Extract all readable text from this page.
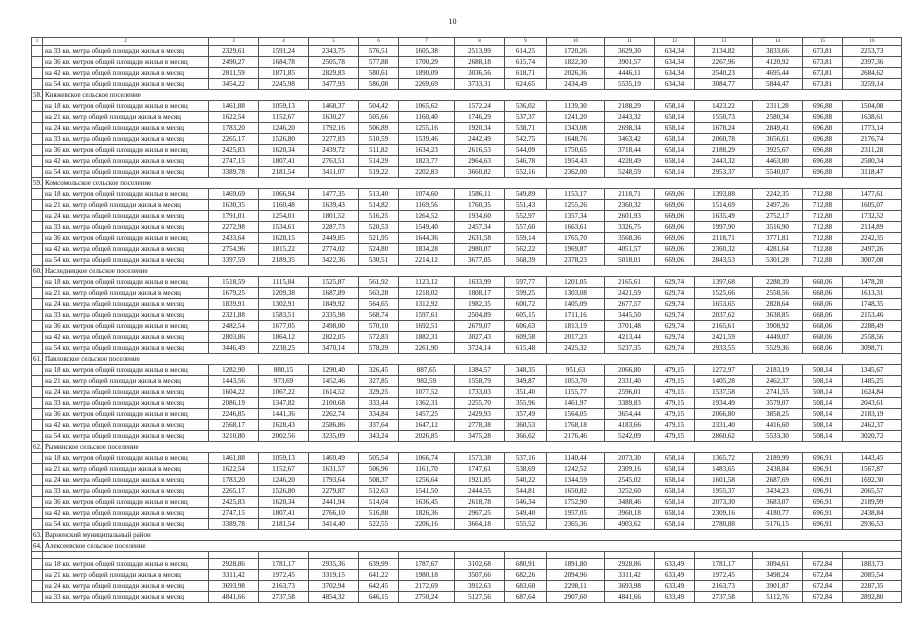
10
1	2	3	4	5	6	7	8	9	10	11	12	13	14	15	16
	на 33 кв. метра общей площади жилья в месяц	2329,61	1591,24	2343,75	576,51	1605,38	2513,99	614,25	1720,26	3629,30	634,34	2134,82	3833,66	673,81	2253,73
	на 36 кв. метров общей площади жилья в месяц	2490,27	1684,78	2505,78	577,88	1700,29	2688,18	615,74	1822,30	3901,57	634,34	2267,96	4120,92	673,81	2397,36
	на 42 кв. метра общей площади жилья в месяц	2811,59	1871,85	2829,83	580,61	1890,09	3036,56	618,71	2026,36	4446,11	634,34	2540,23	4695,44	673,81	2684,62
	на 54 кв. метра общей площади жилья в месяц	3454,22	2245,98	3477,93	586,08	2269,69	3733,31	624,65	2434,49	5535,19	634,34	3084,77	5844,47	673,81	3259,14
58.	Княжевское сельское поселение														
	на 18 кв. метров общей площади жилья в месяц	1461,88	1059,13	1468,37	504,42	1065,62	1572,24	536,02	1139,30	2188,29	658,14	1423,22	2311,28	696,88	1504,08
	на 21 кв. метр общей площади жилья в месяц	1622,54	1152,67	1630,27	505,66	1160,40	1746,29	537,37	1241,20	2443,32	658,14	1550,73	2580,34	696,88	1638,61
	на 24 кв. метра общей площади жилья в месяц	1783,20	1246,20	1792,16	506,89	1255,16	1920,34	538,71	1343,08	2698,34	658,14	1678,24	2849,41	696,88	1773,14
	на 33 кв. метра общей площади жилья в месяц	2265,17	1526,80	2277,83	510,59	1539,46	2442,49	542,75	1648,76	3463,42	658,14	2060,78	3656,61	696,88	2176,74
	на 36 кв. метров общей площади жилья в месяц	2425,83	1620,34	2439,72	511,82	1634,23	2616,53	544,09	1750,65	3718,44	658,14	2188,29	3925,67	696,88	2311,28
	на 42 кв. метра общей площади жилья в месяц	2747,15	1807,41	2763,51	514,29	1823,77	2964,63	546,78	1954,43	4228,49	658,14	2443,32	4463,80	696,88	2580,34
	на 54 кв. метра общей площади жилья в месяц	3389,78	2181,54	3411,07	519,22	2202,83	3660,82	552,16	2362,00	5248,59	658,14	2953,37	5540,07	696,88	3118,47
59.	Комсомольское сельское поселение														
	на 18 кв. метров общей площади жилья в месяц	1469,69	1066,94	1477,35	513,40	1074,60	1586,11	549,89	1153,17	2118,71	669,06	1393,88	2242,35	712,88	1477,61
	на 21 кв. метр общей площади жилья в месяц	1630,35	1160,48	1639,43	514,82	1169,56	1760,35	551,43	1255,26	2360,32	669,06	1514,69	2497,26	712,88	1605,07
	на 24 кв. метра общей площади жилья в месяц	1791,01	1254,01	1801,52	516,25	1264,52	1934,60	552,97	1357,34	2601,93	669,06	1635,49	2752,17	712,88	1732,52
	на 33 кв. метра общей площади жилья в месяц	2272,98	1534,61	2287,73	520,53	1549,40	2457,34	557,60	1663,61	3326,75	669,06	1997,90	3516,90	712,88	2114,89
	на 36 кв. метров общей площади жилья в месяц	2433,64	1628,15	2449,85	521,95	1644,36	2631,58	559,14	1765,70	3568,36	669,06	2118,71	3771,81	712,88	2242,35
	на 42 кв. метра общей площади жилья в месяц	2754,96	1815,22	2774,02	524,80	1834,28	2980,07	562,22	1969,87	4051,57	669,06	2360,32	4281,64	712,88	2497,26
	на 54 кв. метра общей площади жилья в месяц	3397,59	2189,35	3422,36	530,51	2214,12	3677,05	568,39	2378,23	5018,01	669,06	2843,53	5301,28	712,88	3007,08
60.	Наследницкое сельское поселение														
	на 18 кв. метров общей площади жилья в месяц	1518,59	1115,84	1525,87	561,92	1123,12	1633,99	597,77	1201,05	2165,61	629,74	1397,68	2288,39	668,06	1478,28
	на 21 кв. метр общей площади жилья в месяц	1679,25	1209,38	1687,89	563,28	1218,02	1808,17	599,25	1303,08	2421,59	629,74	1525,66	2558,56	668,06	1613,31
	на 24 кв. метра общей площади жилья в месяц	1839,91	1302,91	1849,92	564,65	1312,92	1982,35	600,72	1405,09	2677,57	629,74	1653,65	2828,64	668,06	1748,35
	на 33 кв. метра общей площади жилья в месяц	2321,88	1583,51	2335,98	568,74	1597,61	2504,89	605,15	1711,16	3445,50	629,74	2037,62	3638,85	668,06	2153,46
	на 36 кв. метров общей площади жилья в месяц	2482,54	1677,05	2498,00	570,10	1692,51	2679,07	606,63	1813,19	3701,48	629,74	2165,61	3908,92	668,06	2288,49
	на 42 кв. метра общей площади жилья в месяц	2803,86	1864,12	2822,05	572,83	1882,31	3027,43	609,58	2017,23	4213,44	629,74	2421,59	4449,07	668,06	2558,56
	на 54 кв. метра общей площади жилья в месяц	3446,49	2238,25	3470,14	578,29	2261,90	3724,14	615,48	2425,32	5237,35	629,74	2933,55	5529,36	668,06	3098,71
61.	Павловское сельское поселение														
	на 18 кв. метров общей площади жилья в месяц	1282,90	880,15	1290,40	326,45	887,65	1384,57	348,35	951,63	2066,80	479,15	1272,97	2183,19	508,14	1345,67
	на 21 кв. метр общей площади жилья в месяц	1443,56	973,69	1452,46	327,85	982,59	1558,79	349,87	1053,70	2331,40	479,15	1405,28	2462,37	508,14	1485,25
	на 24 кв. метра общей площади жилья в месяц	1604,22	1067,22	1614,52	329,25	1077,52	1733,03	351,40	1155,77	2596,01	479,15	1537,58	2741,55	508,14	1624,84
	на 33 кв. метра общей площади жилья в месяц	2086,19	1347,82	2100,68	333,44	1362,31	2255,70	355,96	1461,97	3389,83	479,15	1934,49	3579,07	508,14	2043,61
	на 36 кв. метров общей площади жилья в месяц	2246,85	1441,36	2262,74	334,84	1457,25	2429,93	357,49	1564,05	3654,44	479,15	2066,80	3858,25	508,14	2183,19
	на 42 кв. метра общей площади жилья в месяц	2568,17	1628,43	2586,86	337,64	1647,12	2778,38	360,53	1768,18	4183,66	479,15	2331,40	4416,60	508,14	2462,37
	на 54 кв. метра общей площади жилья в месяц	3210,80	2002,56	3235,09	343,24	2026,85	3475,28	366,62	2176,46	5242,09	479,15	2860,62	5533,30	508,14	3020,72
62.	Рыминское сельское поселение														
	на 18 кв. метров общей площади жилья в месяц	1461,88	1059,13	1469,49	505,54	1066,74	1573,38	537,16	1140,44	2073,30	658,14	1365,72	2189,99	696,91	1443,45
	на 21 кв. метр общей площади жилья в месяц	1622,54	1152,67	1631,57	506,96	1161,70	1747,61	538,69	1242,52	2309,16	658,14	1483,65	2438,84	696,91	1567,87
	на 24 кв. метра общей площади жилья в месяц	1783,20	1246,20	1793,64	508,37	1256,64	1921,85	540,22	1344,59	2545,02	658,14	1601,58	2687,69	696,91	1692,30
	на 33 кв. метра общей площади жилья в месяц	2265,17	1526,80	2279,87	512,63	1541,50	2444,55	544,81	1650,82	3252,60	658,14	1955,37	3434,23	696,91	2065,57
	на 36 кв. метров общей площади жилья в месяц	2425,83	1620,34	2441,94	514,04	1636,45	2618,78	546,34	1752,90	3488,46	658,14	2073,30	3683,07	696,91	2189,99
	на 42 кв. метра общей площади жилья в месяц	2747,15	1807,41	2766,10	516,88	1826,36	2967,25	549,40	1957,05	3960,18	658,14	2309,16	4180,77	696,91	2438,84
	на 54 кв. метра общей площади жилья в месяц	3389,78	2181,54	3414,40	522,55	2206,16	3664,18	555,52	2365,36	4903,62	658,14	2780,88	5176,15	696,91	2936,53
63.	Варненский муниципальный район														
64.	Алексеевское сельское поселение														

	на 18 кв. метров общей площади жилья в месяц	2928,86	1781,17	2935,36	639,99	1787,67	3102,68	680,91	1891,80	2928,86	633,49	1781,17	3094,61	672,84	1883,73
	на 21 кв. метр общей площади жилья в месяц	3311,42	1972,45	3319,15	641,22	1980,18	3507,66	682,26	2094,96	3311,42	633,49	1972,45	3498,24	672,84	2085,54
	на 24 кв. метра общей площади жилья в месяц	3693,98	2163,73	3702,94	642,45	2172,69	3912,63	683,60	2298,11	3693,98	633,49	2163,73	3901,87	672,84	2287,35
	на 33 кв. метра общей площади жилья в месяц	4841,66	2737,58	4854,32	646,15	2750,24	5127,56	687,64	2907,60	4841,66	633,49	2737,58	5112,76	672,84	2892,80
